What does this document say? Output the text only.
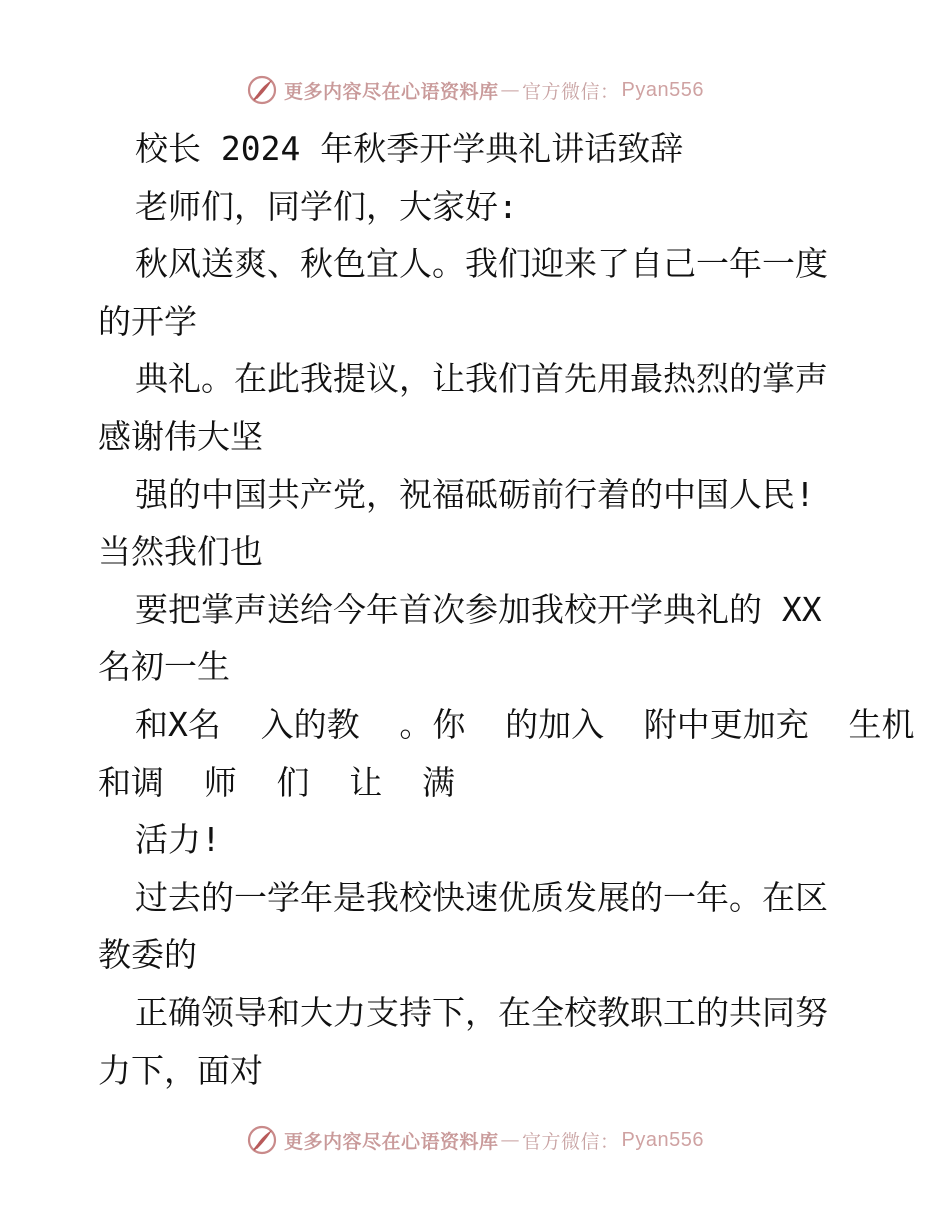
更多内容尽在心语资料库 — 官方微信： Pyan556
校长 2024 年秋季开学典礼讲话致辞
老师们，同学们，大家好:
秋风送爽、秋色宜人。我们迎来了自己一年一度
的开学
典礼。在此我提议，让我们首先用最热烈的掌声
感谢伟大坚
强的中国共产党，祝福砥砺前行着的中国人民!
当然我们也
要把掌声送给今年首次参加我校开学典礼的 XX
名初一生
和X名  入的教  。你  的加入  附中更加充  生机
和调  师  们  让  满
活力!
过去的一学年是我校快速优质发展的一年。在区
教委的
正确领导和大力支持下，在全校教职工的共同努
力下，面对
更多内容尽在心语资料库 — 官方微信： Pyan556
